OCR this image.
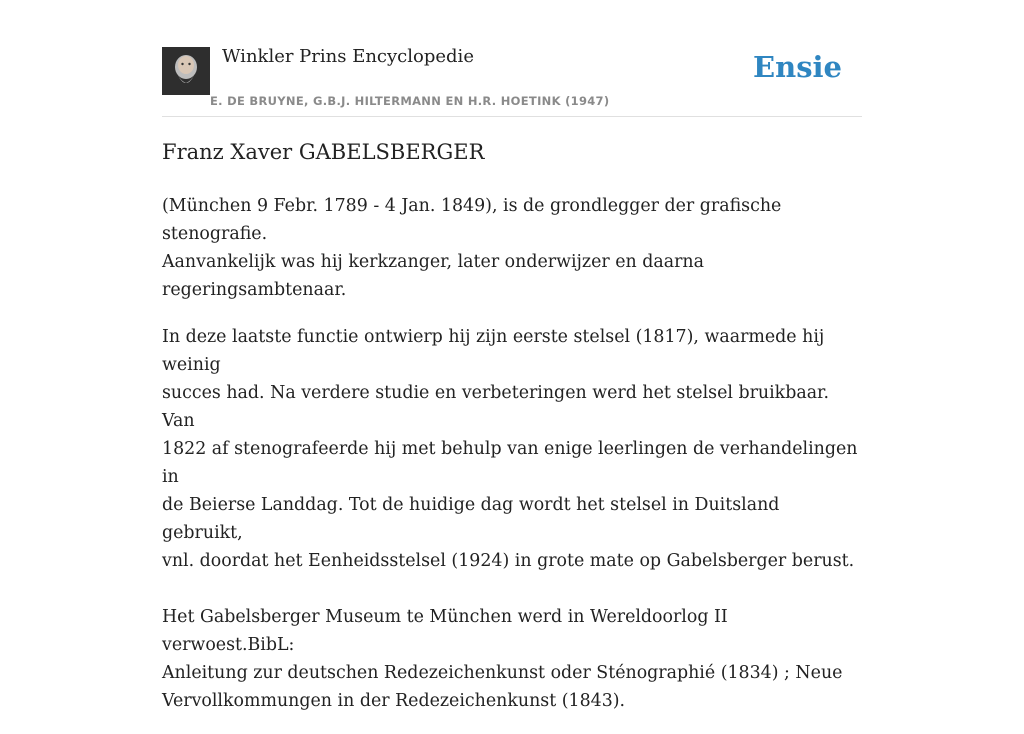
Winkler Prins Encyclopedie
E. DE BRUYNE, G.B.J. HILTERMANN EN H.R. HOETINK (1947)
Ensie
Franz Xaver GABELSBERGER

(München 9 Febr. 1789 - 4 Jan. 1849), is de grondlegger der grafische stenografie.
Aanvankelijk was hij kerkzanger, later onderwijzer en daarna regeringsambtenaar.

In deze laatste functie ontwierp hij zijn eerste stelsel (1817), waarmede hij weinig
succes had. Na verdere studie en verbeteringen werd het stelsel bruikbaar. Van
1822 af stenografeerde hij met behulp van enige leerlingen de verhandelingen in
de Beierse Landdag. Tot de huidige dag wordt het stelsel in Duitsland gebruikt,
vnl. doordat het Eenheidsstelsel (1924) in grote mate op Gabelsberger berust.

Het Gabelsberger Museum te München werd in Wereldoorlog II verwoest.BibL:
Anleitung zur deutschen Redezeichenkunst oder Sténographié (1834) ; Neue
Vervollkommungen in der Redezeichenkunst (1843).
